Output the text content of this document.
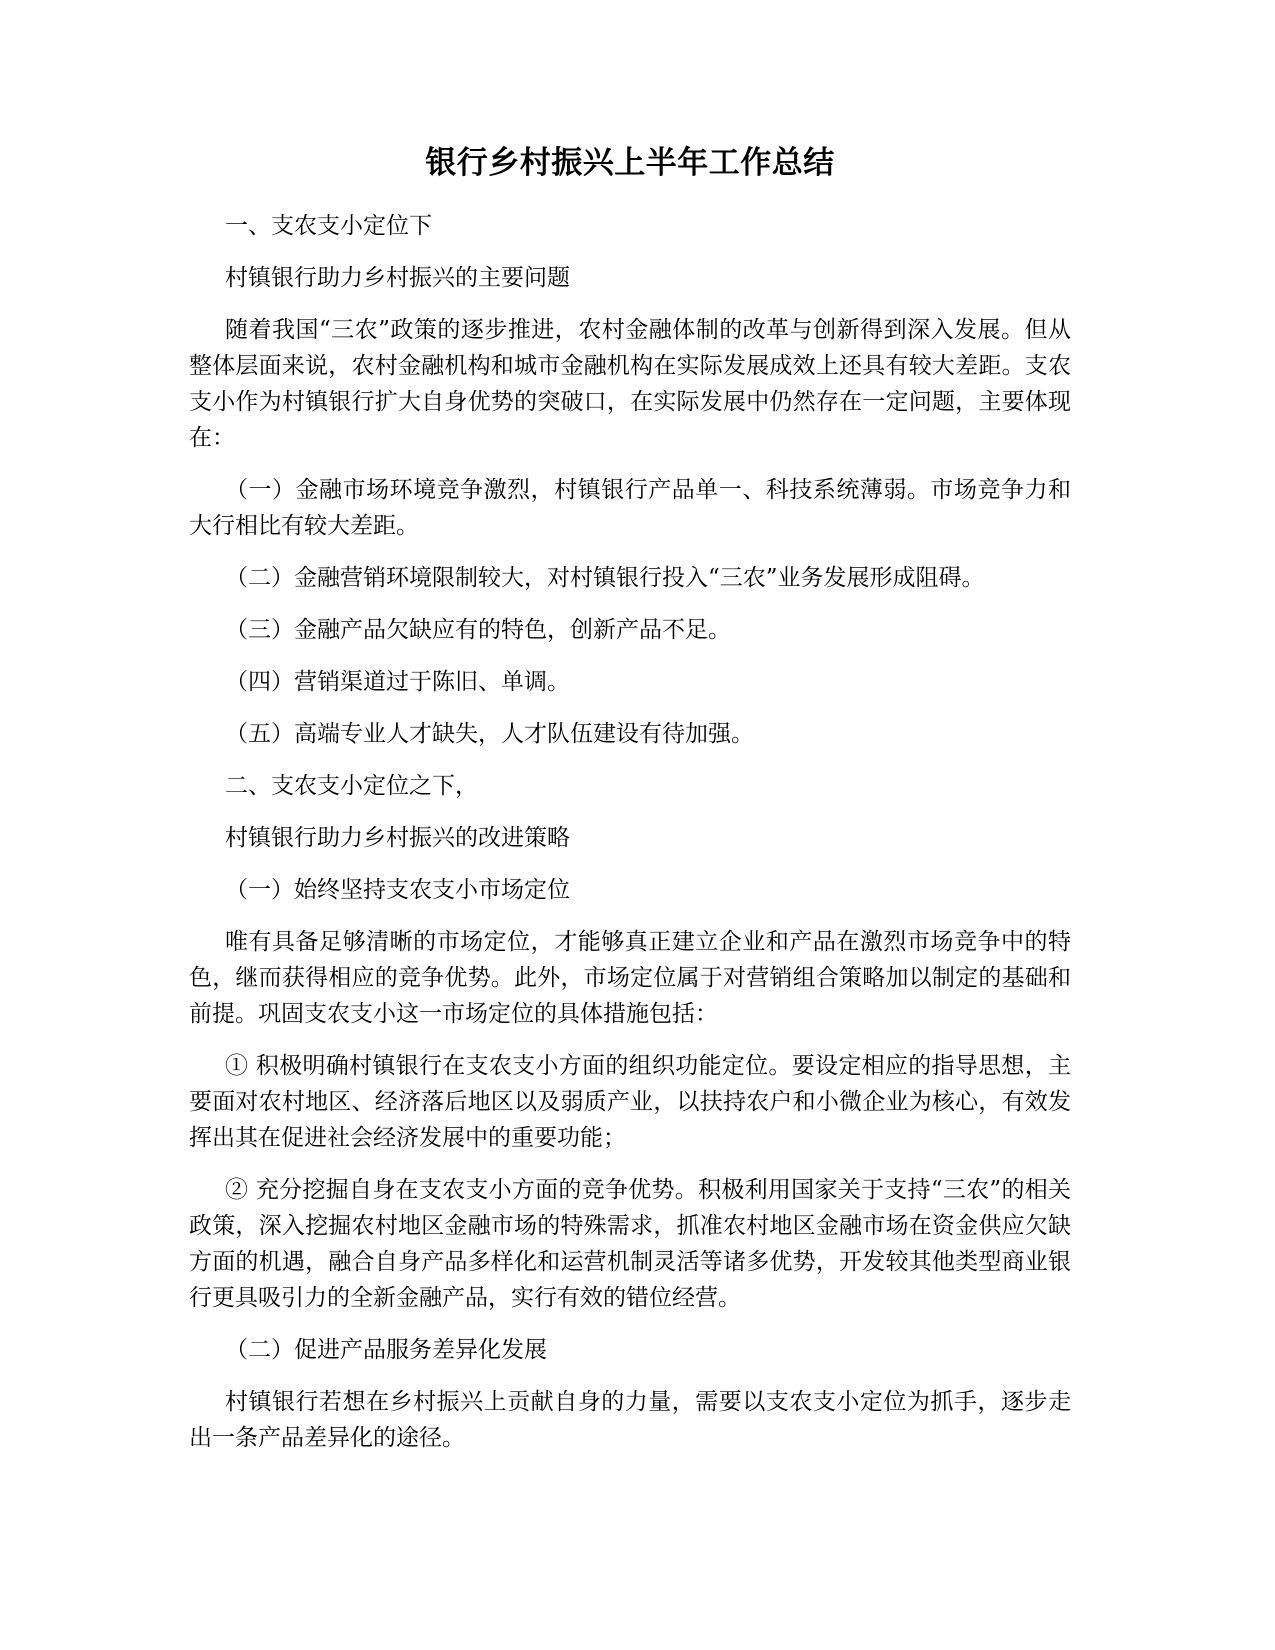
银行乡村振兴上半年工作总结

一、支农支小定位下

村镇银行助力乡村振兴的主要问题

随着我国“三农”政策的逐步推进，农村金融体制的改革与创新得到深入发展。但从整体层面来说，农村金融机构和城市金融机构在实际发展成效上还具有较大差距。支农支小作为村镇银行扩大自身优势的突破口，在实际发展中仍然存在一定问题，主要体现在：

（一）金融市场环境竞争激烈，村镇银行产品单一、科技系统薄弱。市场竞争力和大行相比有较大差距。

（二）金融营销环境限制较大，对村镇银行投入“三农”业务发展形成阻碍。

（三）金融产品欠缺应有的特色，创新产品不足。

（四）营销渠道过于陈旧、单调。

（五）高端专业人才缺失，人才队伍建设有待加强。

二、支农支小定位之下，

村镇银行助力乡村振兴的改进策略

（一）始终坚持支农支小市场定位

唯有具备足够清晰的市场定位，才能够真正建立企业和产品在激烈市场竞争中的特色，继而获得相应的竞争优势。此外，市场定位属于对营销组合策略加以制定的基础和前提。巩固支农支小这一市场定位的具体措施包括：

① 积极明确村镇银行在支农支小方面的组织功能定位。要设定相应的指导思想，主要面对农村地区、经济落后地区以及弱质产业，以扶持农户和小微企业为核心，有效发挥出其在促进社会经济发展中的重要功能；

② 充分挖掘自身在支农支小方面的竞争优势。积极利用国家关于支持“三农”的相关政策，深入挖掘农村地区金融市场的特殊需求，抓准农村地区金融市场在资金供应欠缺方面的机遇，融合自身产品多样化和运营机制灵活等诸多优势，开发较其他类型商业银行更具吸引力的全新金融产品，实行有效的错位经营。

（二）促进产品服务差异化发展

村镇银行若想在乡村振兴上贡献自身的力量，需要以支农支小定位为抓手，逐步走出一条产品差异化的途径。
